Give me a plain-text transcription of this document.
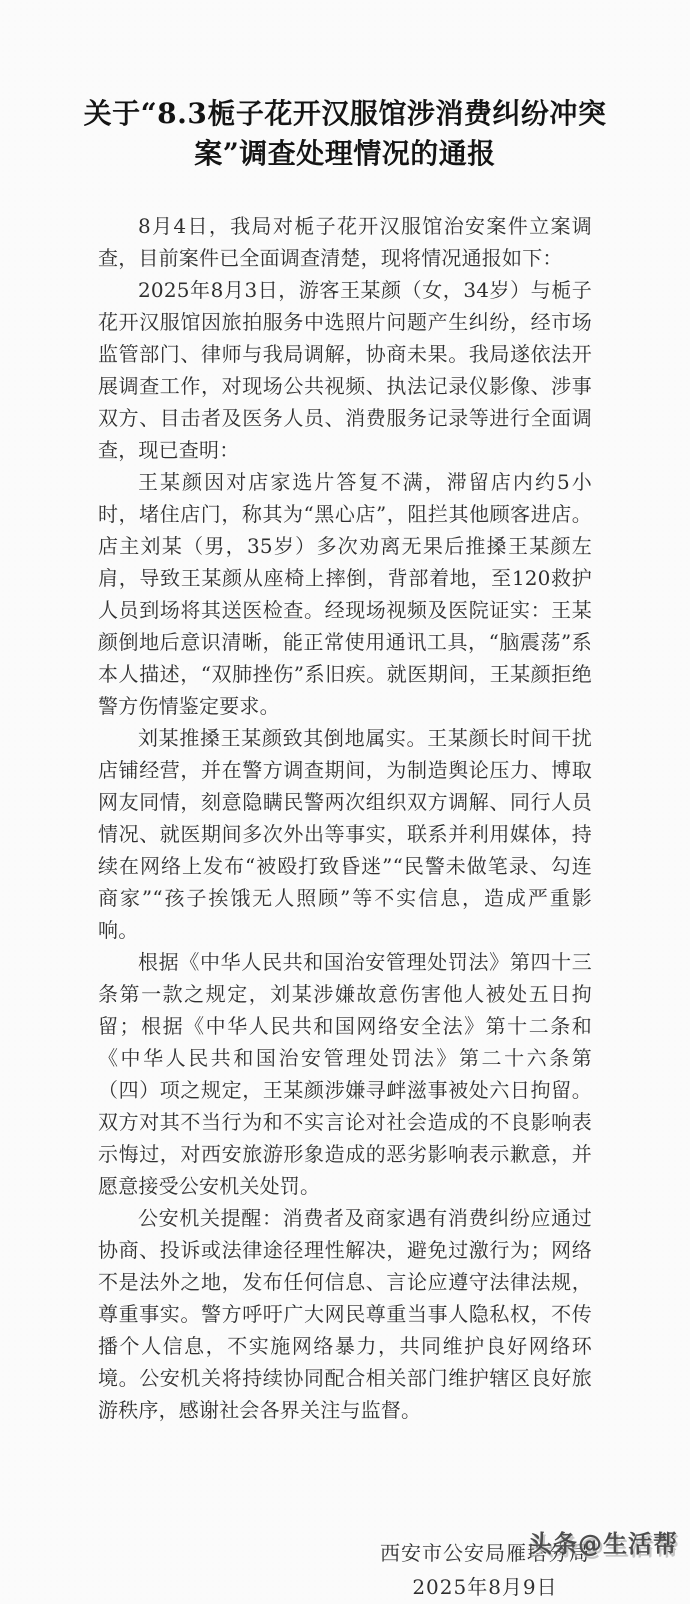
关于“8.3栀子花开汉服馆涉消费纠纷冲突
案”调查处理情况的通报

8月4日，我局对栀子花开汉服馆治安案件立案调查，目前案件已全面调查清楚，现将情况通报如下：

2025年8月3日，游客王某颜（女，34岁）与栀子花开汉服馆因旅拍服务中选照片问题产生纠纷，经市场监管部门、律师与我局调解，协商未果。我局遂依法开展调查工作，对现场公共视频、执法记录仪影像、涉事双方、目击者及医务人员、消费服务记录等进行全面调查，现已查明：

王某颜因对店家选片答复不满，滞留店内约5小时，堵住店门，称其为“黑心店”，阻拦其他顾客进店。店主刘某（男，35岁）多次劝离无果后推搡王某颜左肩，导致王某颜从座椅上摔倒，背部着地，至120救护人员到场将其送医检查。经现场视频及医院证实：王某颜倒地后意识清晰，能正常使用通讯工具，“脑震荡”系本人描述，“双肺挫伤”系旧疾。就医期间，王某颜拒绝警方伤情鉴定要求。

刘某推搡王某颜致其倒地属实。王某颜长时间干扰店铺经营，并在警方调查期间，为制造舆论压力、博取网友同情，刻意隐瞒民警两次组织双方调解、同行人员情况、就医期间多次外出等事实，联系并利用媒体，持续在网络上发布“被殴打致昏迷”“民警未做笔录、勾连商家”“孩子挨饿无人照顾”等不实信息，造成严重影响。

根据《中华人民共和国治安管理处罚法》第四十三条第一款之规定，刘某涉嫌故意伤害他人被处五日拘留；根据《中华人民共和国网络安全法》第十二条和《中华人民共和国治安管理处罚法》第二十六条第（四）项之规定，王某颜涉嫌寻衅滋事被处六日拘留。双方对其不当行为和不实言论对社会造成的不良影响表示悔过，对西安旅游形象造成的恶劣影响表示歉意，并愿意接受公安机关处罚。

公安机关提醒：消费者及商家遇有消费纠纷应通过协商、投诉或法律途径理性解决，避免过激行为；网络不是法外之地，发布任何信息、言论应遵守法律法规，尊重事实。警方呼吁广大网民尊重当事人隐私权，不传播个人信息，不实施网络暴力，共同维护良好网络环境。公安机关将持续协同配合相关部门维护辖区良好旅游秩序，感谢社会各界关注与监督。

西安市公安局雁塔分局
2025年8月9日
头条@生活帮
